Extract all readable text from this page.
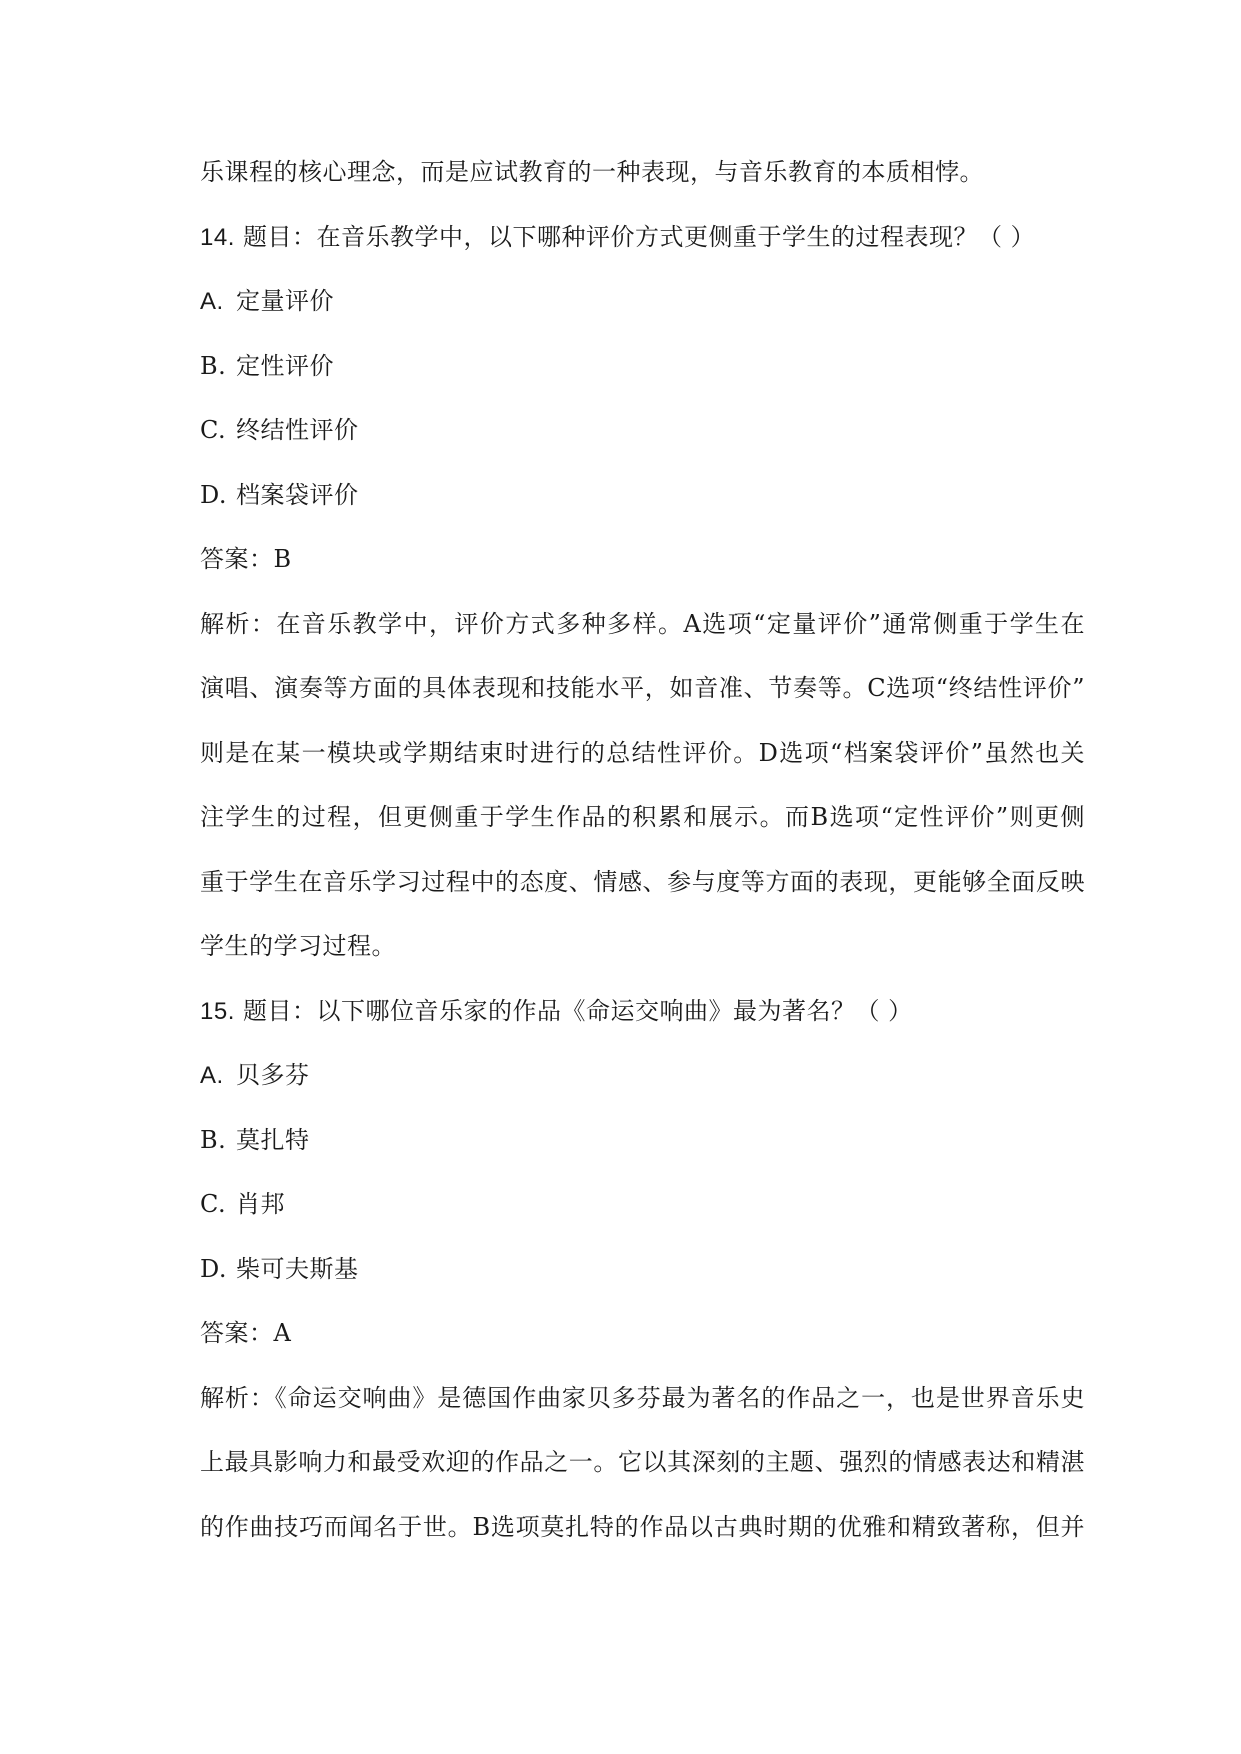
乐课程的核心理念，而是应试教育的一种表现，与音乐教育的本质相悖。
14. 题目：在音乐教学中，以下哪种评价方式更侧重于学生的过程表现？（ ）
A. 定量评价
B. 定性评价
C. 终结性评价
D. 档案袋评价
答案：B
解析：在音乐教学中，评价方式多种多样。A选项“定量评价”通常侧重于学生在
演唱、演奏等方面的具体表现和技能水平，如音准、节奏等。C选项“终结性评价”
则是在某一模块或学期结束时进行的总结性评价。D选项“档案袋评价”虽然也关
注学生的过程，但更侧重于学生作品的积累和展示。而B选项“定性评价”则更侧
重于学生在音乐学习过程中的态度、情感、参与度等方面的表现，更能够全面反映
学生的学习过程。
15. 题目：以下哪位音乐家的作品《命运交响曲》最为著名？（ ）
A. 贝多芬
B. 莫扎特
C. 肖邦
D. 柴可夫斯基
答案：A
解析：《命运交响曲》是德国作曲家贝多芬最为著名的作品之一，也是世界音乐史
上最具影响力和最受欢迎的作品之一。它以其深刻的主题、强烈的情感表达和精湛
的作曲技巧而闻名于世。B选项莫扎特的作品以古典时期的优雅和精致著称，但并
